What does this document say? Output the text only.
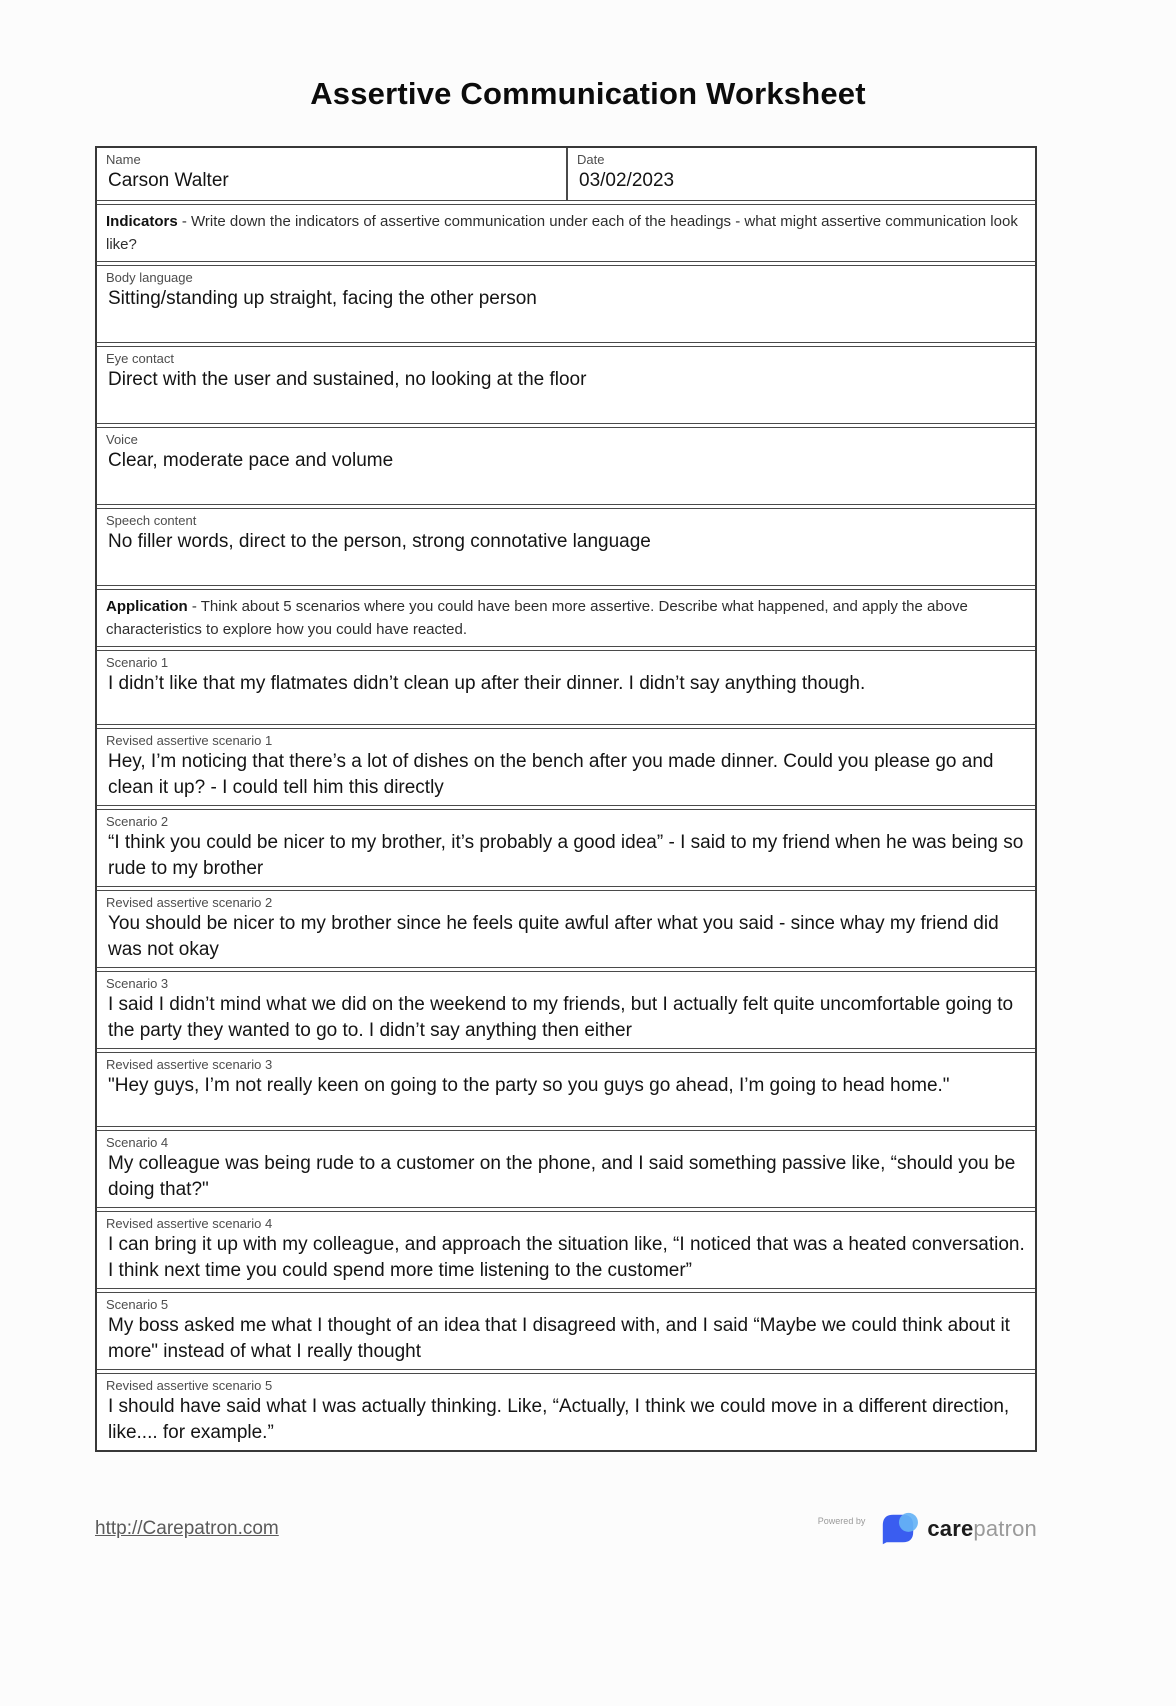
Assertive Communication Worksheet
Name
Carson Walter
Date
03/02/2023
Indicators - Write down the indicators of assertive communication under each of the headings - what might assertive communication look like?
Body language
Sitting/standing up straight, facing the other person
Eye contact
Direct with the user and sustained, no looking at the floor
Voice
Clear, moderate pace and volume
Speech content
No filler words, direct to the person, strong connotative language
Application - Think about 5 scenarios where you could have been more assertive. Describe what happened, and apply the above characteristics to explore how you could have reacted.
Scenario 1
I didn’t like that my flatmates didn’t clean up after their dinner. I didn’t say anything though.
Revised assertive scenario 1
Hey, I’m noticing that there’s a lot of dishes on the bench after you made dinner. Could you please go and clean it up? - I could tell him this directly
Scenario 2
“I think you could be nicer to my brother, it’s probably a good idea” - I said to my friend when he was being so rude to my brother
Revised assertive scenario 2
You should be nicer to my brother since he feels quite awful after what you said - since whay my friend did was not okay
Scenario 3
I said I didn’t mind what we did on the weekend to my friends, but I actually felt quite uncomfortable going to the party they wanted to go to. I didn’t say anything then either
Revised assertive scenario 3
"Hey guys, I’m not really keen on going to the party so you guys go ahead, I’m going to head home."
Scenario 4
My colleague was being rude to a customer on the phone, and I said something passive like, “should you be doing that?"
Revised assertive scenario 4
I can bring it up with my colleague, and approach the situation like, “I noticed that was a heated conversation. I think next time you could spend more time listening to the customer”
Scenario 5
My boss asked me what I thought of an idea that I disagreed with, and I said “Maybe we could think about it more" instead of what I really thought
Revised assertive scenario 5
I should have said what I was actually thinking. Like, “Actually, I think we could move in a different direction, like.... for example.”
http://Carepatron.com	Powered by	carepatron
